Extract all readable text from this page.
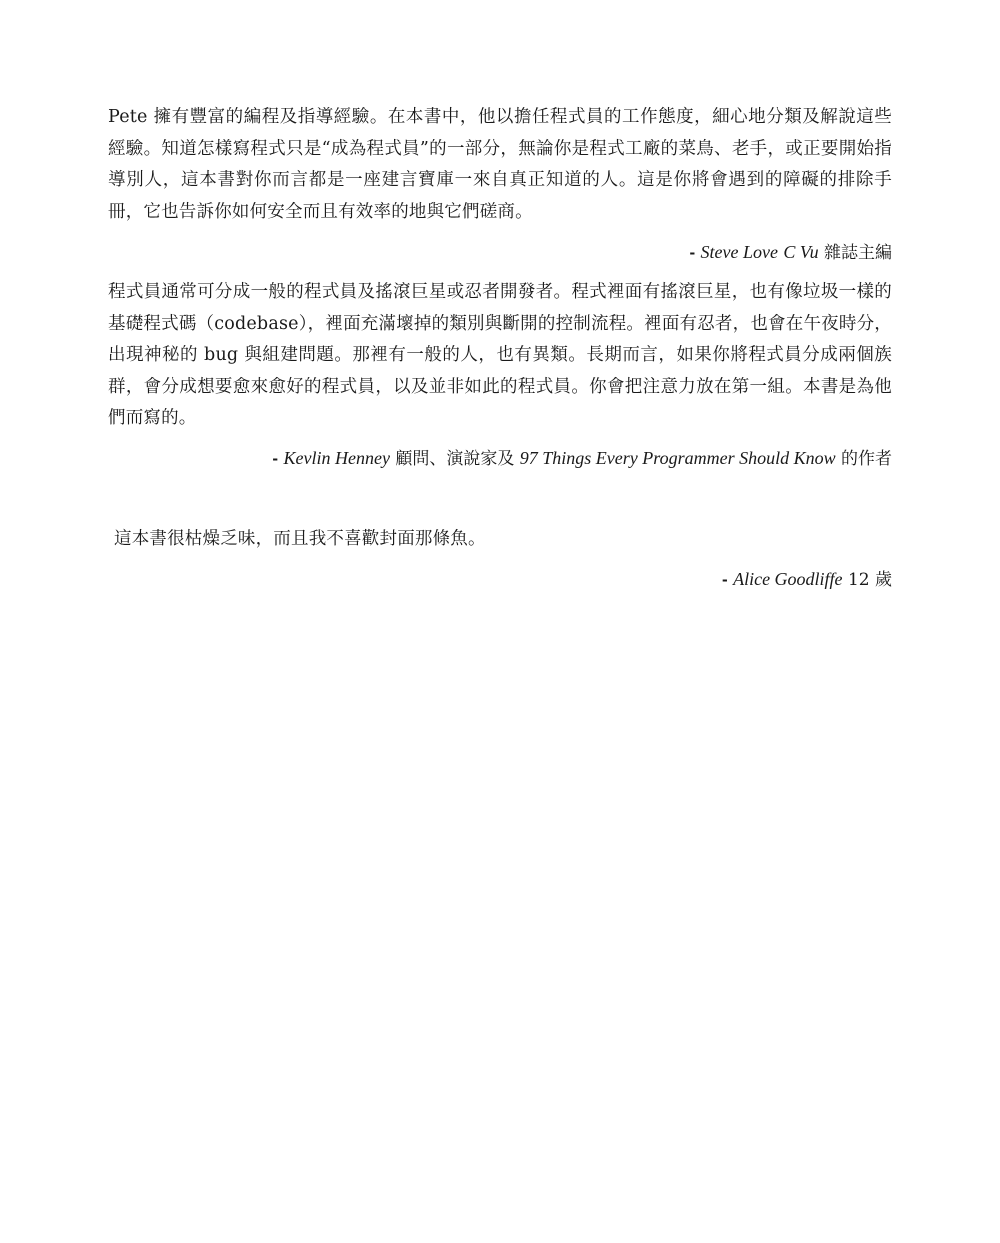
Pete 擁有豐富的編程及指導經驗。在本書中，他以擔任程式員的工作態度，細心地分類及解說這些經驗。知道怎樣寫程式只是“成為程式員”的一部分，無論你是程式工廠的菜鳥、老手，或正要開始指導別人，這本書對你而言都是一座建言寶庫一來自真正知道的人。這是你將會遇到的障礙的排除手冊，它也告訴你如何安全而且有效率的地與它們磋商。

- Steve Love C Vu 雜誌主編

程式員通常可分成一般的程式員及搖滾巨星或忍者開發者。程式裡面有搖滾巨星，也有像垃圾一樣的基礎程式碼（codebase），裡面充滿壞掉的類別與斷開的控制流程。裡面有忍者，也會在午夜時分，出現神秘的 bug 與組建問題。那裡有一般的人，也有異類。長期而言，如果你將程式員分成兩個族群，會分成想要愈來愈好的程式員，以及並非如此的程式員。你會把注意力放在第一組。本書是為他們而寫的。

- Kevlin Henney 顧問、演說家及 97 Things Every Programmer Should Know 的作者

這本書很枯燥乏味，而且我不喜歡封面那條魚。

- Alice Goodliffe 12 歲
